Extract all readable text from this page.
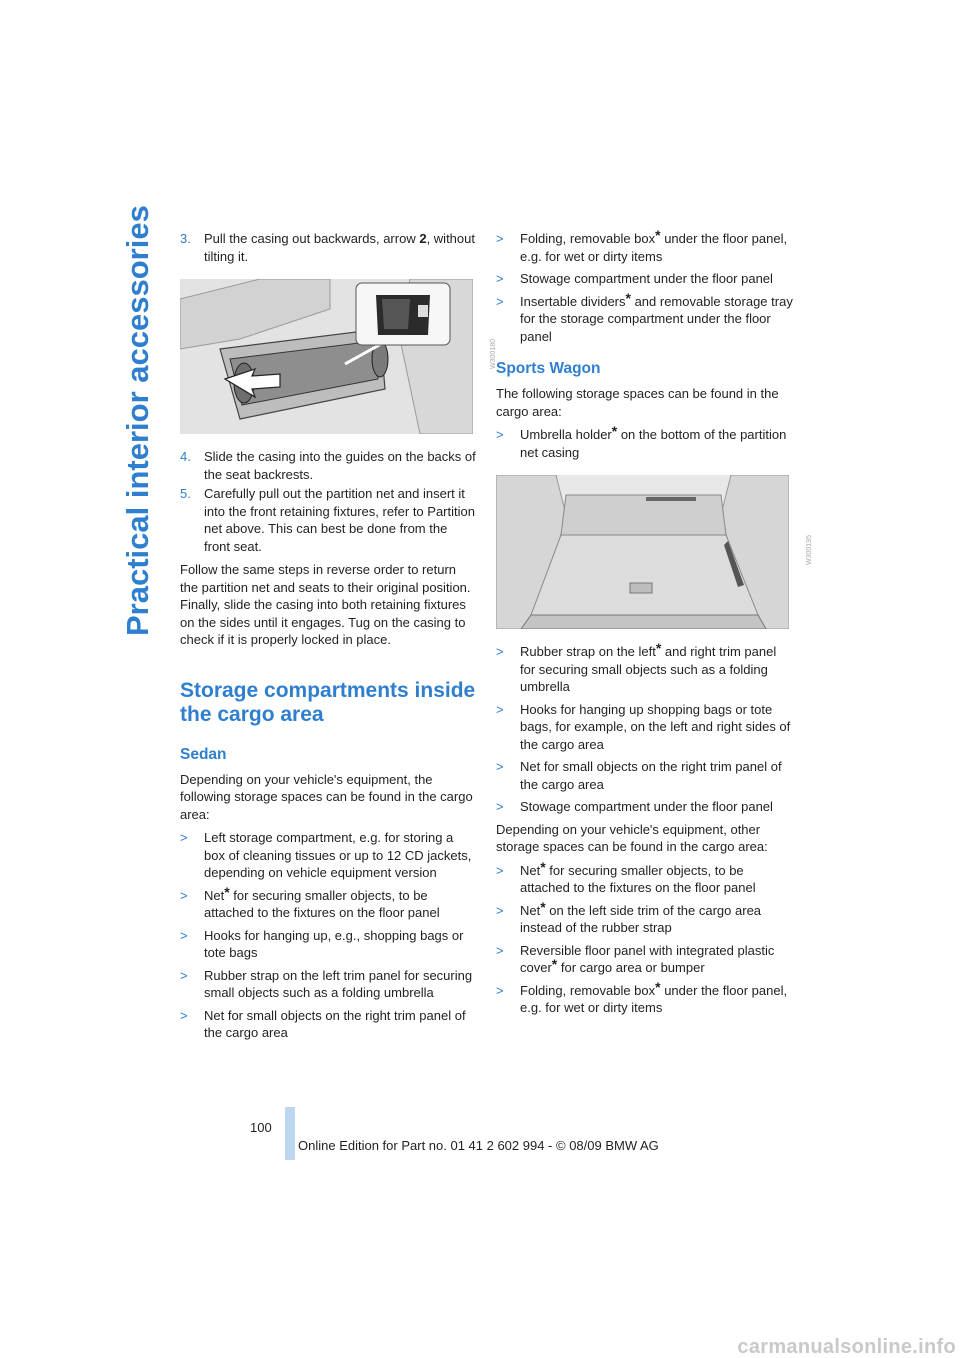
Practical interior accessories 3.	Pull the casing out backwards, arrow 2, without tilting it.
W300180
4.	Slide the casing into the guides on the backs of the seat backrests.
5.	Carefully pull out the partition net and insert it into the front retaining fixtures, refer to Partition net above. This can best be done from the front seat.

Follow the same steps in reverse order to return the partition net and seats to their original position. Finally, slide the casing into both retaining fixtures on the sides until it engages. Tug on the casing to check if it is properly locked in place.

Storage compartments inside the cargo area
Sedan

Depending on your vehicle's equipment, the following storage spaces can be found in the cargo area:

>	Left storage compartment, e.g. for storing a box of cleaning tissues or up to 12 CD jackets, depending on vehicle equipment version
>	Net* for securing smaller objects, to be attached to the fixtures on the floor panel
>	Hooks for hanging up, e.g., shopping bags or tote bags
>	Rubber strap on the left trim panel for securing small objects such as a folding umbrella
>	Net for small objects on the right trim panel of the cargo area
>	Folding, removable box* under the floor panel, e.g. for wet or dirty items
>	Stowage compartment under the floor panel
>	Insertable dividers* and removable storage tray for the storage compartment under the floor panel
Sports Wagon

The following storage spaces can be found in the cargo area:

>	Umbrella holder* on the bottom of the partition net casing
W300195
>	Rubber strap on the left* and right trim panel for securing small objects such as a folding umbrella
>	Hooks for hanging up shopping bags or tote bags, for example, on the left and right sides of the cargo area
>	Net for small objects on the right trim panel of the cargo area
>	Stowage compartment under the floor panel

Depending on your vehicle's equipment, other storage spaces can be found in the cargo area:

>	Net* for securing smaller objects, to be attached to the fixtures on the floor panel
>	Net* on the left side trim of the cargo area instead of the rubber strap
>	Reversible floor panel with integrated plastic cover* for cargo area or bumper
>	Folding, removable box* under the floor panel, e.g. for wet or dirty items
100
Online Edition for Part no. 01 41 2 602 994 - © 08/09 BMW AG
carmanualsonline.info
